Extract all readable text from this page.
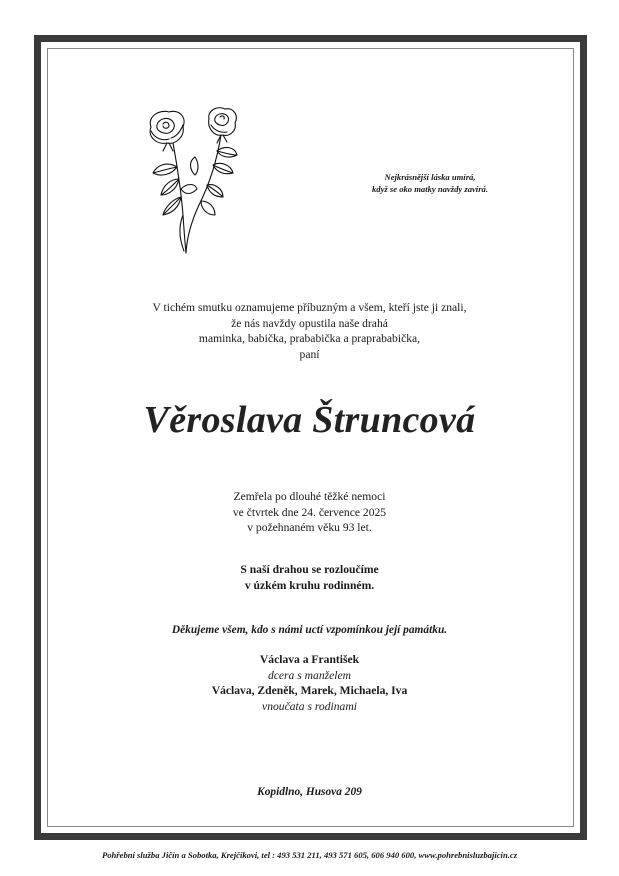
Nejkrásnější láska umírá,
když se oko matky navždy zavírá.
V tichém smutku oznamujeme příbuzným a všem, kteří jste ji znali,
že nás navždy opustila naše drahá
maminka, babička, prababička a praprababička,
paní
Věroslava Štruncová
Zemřela po dlouhé těžké nemoci
ve čtvrtek dne 24. července 2025
v požehnaném věku 93 let.
S naší drahou se rozloučíme
v úzkém kruhu rodinném.
Děkujeme všem, kdo s námi uctí vzpomínkou její památku.
Václava a František
dcera s manželem
Václava, Zdeněk, Marek, Michaela, Iva
vnoučata s rodinami
Kopidlno, Husova 209
Pohřební služba Jičín a Sobotka, Krejčíkovi, tel : 493 531 211, 493 571 605, 606 940 600, www.pohrebnisluzbajicin.cz
